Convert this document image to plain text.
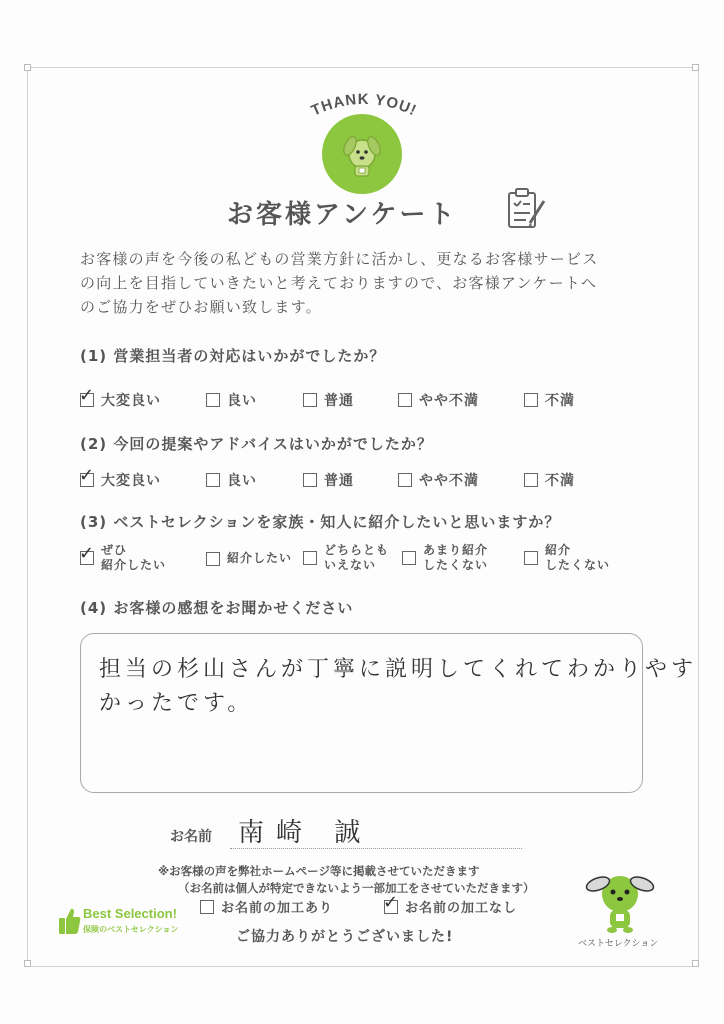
THANK YOU!
お客様アンケート
お客様の声を今後の私どもの営業方針に活かし、更なるお客様サービス
の向上を目指していきたいと考えておりますので、お客様アンケートへ
のご協力をぜひお願い致します。
(1) 営業担当者の対応はいかがでしたか？
✓ 大変良い	良い	普通	やや不満	不満
(2) 今回の提案やアドバイスはいかがでしたか？
✓ 大変良い	良い	普通	やや不満	不満
(3) ベストセレクションを家族・知人に紹介したいと思いますか？
✓ ぜひ
紹介したい	紹介したい
どちらとも
いえない
あまり紹介
したくない
紹介
したくない
(4) お客様の感想をお聞かせください
担当の杉山さんが丁寧に説明してくれてわかりやす
かったです。
お名前 南崎 誠
※お客様の声を弊社ホームページ等に掲載させていただきます
（お名前は個人が特定できないよう一部加工をさせていただきます）
お名前の加工あり	✓ お名前の加工なし
ご協力ありがとうございました!
Best Selection!
保険のベストセレクション
ベストセレクション
